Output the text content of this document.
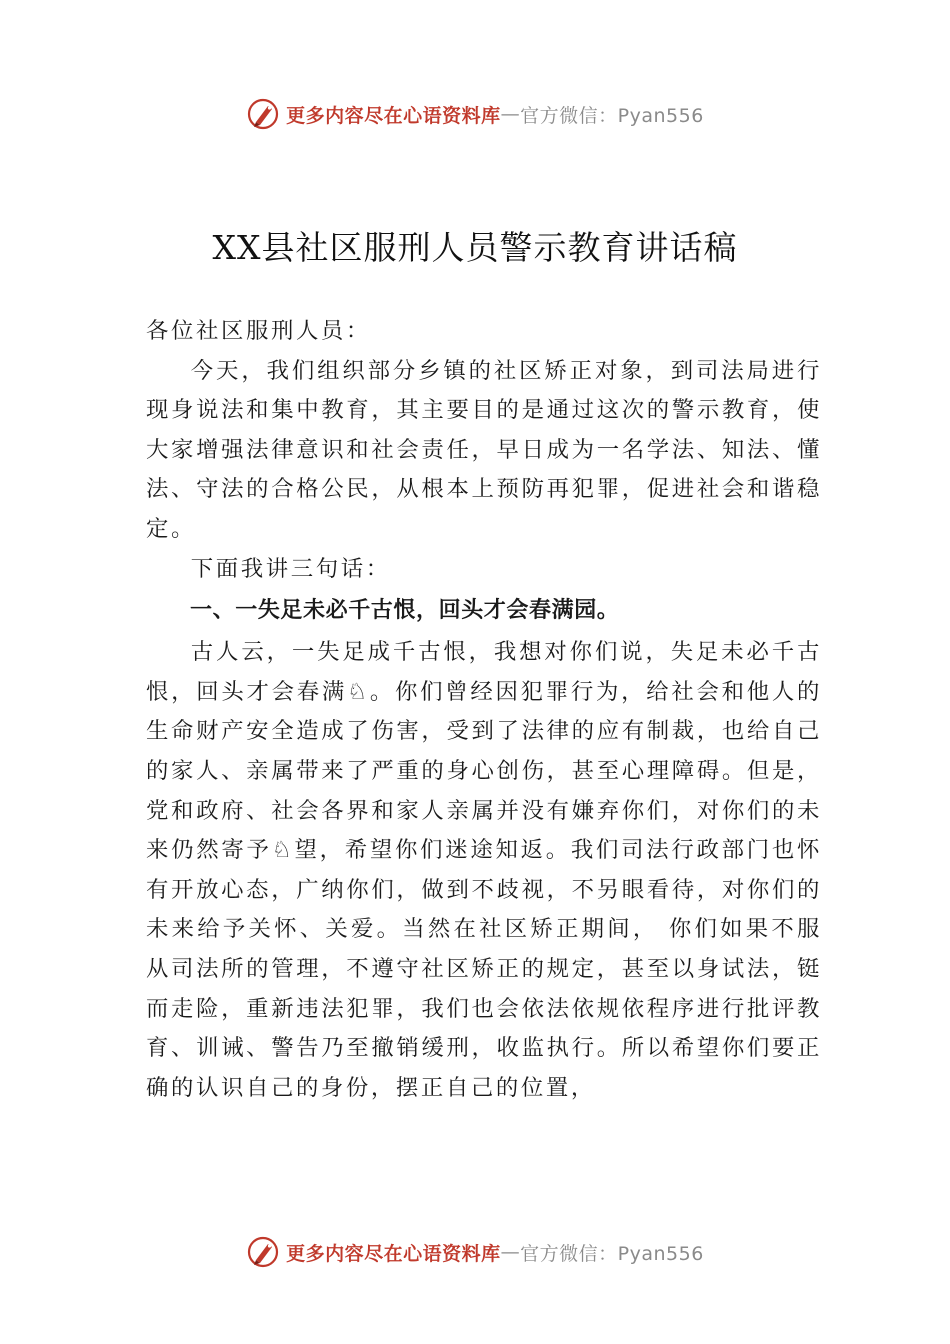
更多内容尽在心语资料库 — 官方微信：Pyan556
XX县社区服刑人员警示教育讲话稿

各位社区服刑人员：

今天，我们组织部分乡镇的社区矫正对象，到司法局进行现身说法和集中教育，其主要目的是通过这次的警示教育，使大家增强法律意识和社会责任，早日成为一名学法、知法、懂法、守法的合格公民，从根本上预防再犯罪，促进社会和谐稳定。

下面我讲三句话：

一、一失足未必千古恨，回头才会春满园。

古人云，一失足成千古恨，我想对你们说，失足未必千古恨，回头才会春满♘。你们曾经因犯罪行为，给社会和他人的生命财产安全造成了伤害，受到了法律的应有制裁，也给自己的家人、亲属带来了严重的身心创伤，甚至心理障碍。但是，党和政府、社会各界和家人亲属并没有嫌弃你们，对你们的未来仍然寄予♘望，希望你们迷途知返。我们司法行政部门也怀有开放心态，广纳你们，做到不歧视，不另眼看待，对你们的未来给予关怀、关爱。当然在社区矫正期间， 你们如果不服从司法所的管理，不遵守社区矫正的规定，甚至以身试法，铤而走险，重新违法犯罪，我们也会依法依规依程序进行批评教育、训诫、警告乃至撤销缓刑，收监执行。所以希望你们要正确的认识自己的身份，摆正自己的位置，

更多内容尽在心语资料库 — 官方微信：Pyan556
